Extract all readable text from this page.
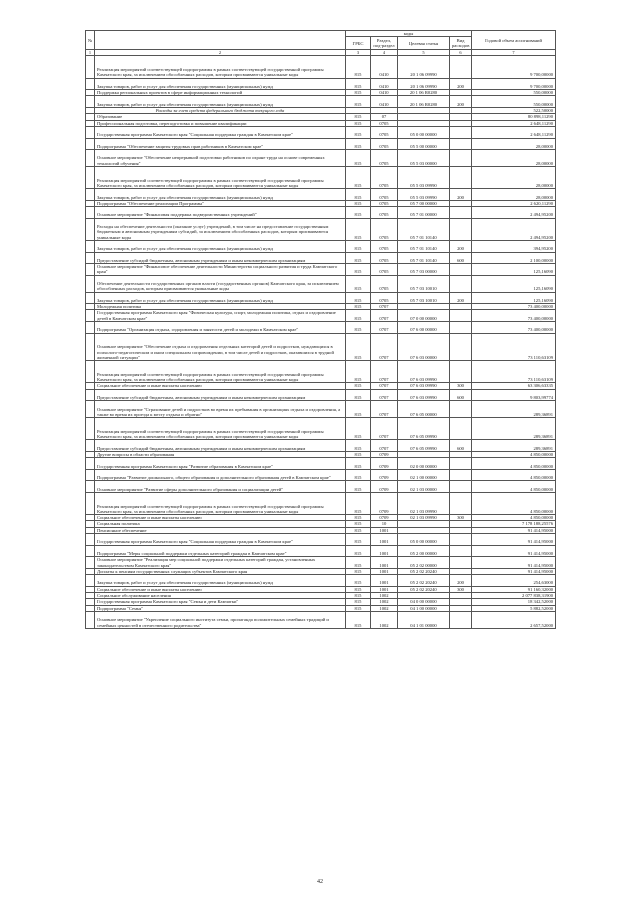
№		коды				Годовой объем ассигнований
		ГРБС	Раздел, под-раздел	Целевая статья	Вид расходов	
1	2	3	4	5	6	7
	Реализация мероприятий соответствующей подпрограммы в рамках соответствующей государственной программы Камчатского края, за исключением обособленных расходов, которым присваиваются уникальные коды	815	0410	20 1 06 09990		9 700,00000
	Закупка товаров, работ и услуг для обеспечения государственных (муниципальных) нужд	815	0410	20 1 06 09990	200	9 700,00000
	Поддержка региональных проектов в сфере информационных технологий	815	0410	20 1 06 R0280		550,00000
	Закупка товаров, работ и услуг для обеспечения государственных (муниципальных) нужд	815	0410	20 1 06 R0280	200	550,00000
	Расходы за счет средств федерального бюджета текущего года					522,50000
	Образование	815	07			80 898,11290
	Профессиональная подготовка, переподготовка и повышение квалификации	815	0705			2 648,11290
	Государственная программа Камчатского края "Социальная поддержка граждан в Камчатском крае"	815	0705	05 0 00 00000		2 648,11290
	Подпрограмма "Обеспечение защиты трудовых прав работников в Камчатском крае"	815	0705	05 5 00 00000		28,00000
	Основное мероприятие "Обеспечение непрерывной подготовки работников по охране труда на основе современных технологий обучения"	815	0705	05 5 03 00000		28,00000
	Реализация мероприятий соответствующей подпрограммы в рамках соответствующей государственной программы Камчатского края, за исключением обособленных расходов, которым присваиваются уникальные коды	815	0705	05 5 03 09990		28,00000
	Закупка товаров, работ и услуг для обеспечения государственных (муниципальных) нужд	815	0705	05 5 03 09990	200	28,00000
	Подпрограмма "Обеспечение реализации Программы"	815	0705	05 7 00 00000		2 620,11290
	Основное мероприятие "Финансовая поддержка подведомственных учреждений"	815	0705	05 7 01 00000		2 494,95200
	Расходы на обеспечение деятельности (оказание услуг) учреждений, в том числе на предоставление государственным бюджетным и автономным учреждениям субсидий, за исключением обособленных расходов, которым присваиваются уникальные коды	815	0705	05 7 01 10140		2 494,95200
	Закупка товаров, работ и услуг для обеспечения государственных (муниципальных) нужд	815	0705	05 7 01 10140	200	394,95200
	Предоставление субсидий бюджетным, автономным учреждениям и иным некоммерческим организациям	815	0705	05 7 01 10140	600	2 100,00000
	Основное мероприятие "Финансовое обеспечение деятельности Министерства социального развития и труда Камчатского края"	815	0705	05 7 03 00000		125,16090
	Обеспечение деятельности государственных органов власти (государственных органов) Камчатского края, за исключением обособленных расходов, которым присваиваются уникальные коды	815	0705	05 7 03 10010		125,16090
	Закупка товаров, работ и услуг для обеспечения государственных (муниципальных) нужд	815	0705	05 7 03 10010	200	125,16090
	Молодежная политика	815	0707			73 400,00000
	Государственная программа Камчатского края "Физическая культура, спорт, молодежная политика, отдых и оздоровление детей в Камчатском крае"	815	0707	07 0 00 00000		73 400,00000
	Подпрограмма "Организация отдыха, оздоровления и занятости детей и молодежи в Камчатском крае"	815	0707	07 6 00 00000		73 400,00000
	Основное мероприятие "Обеспечение отдыха и оздоровления отдельных категорий детей и подростков, нуждающихся в психолого-педагогическом и ином специальном сопровождении, в том числе детей и подростков, оказавшихся в трудной жизненной ситуации"	815	0707	07 6 03 00000		73 110,63109
	Реализация мероприятий соответствующей подпрограммы в рамках соответствующей государственной программы Камчатского края, за исключением обособленных расходов, которым присваиваются уникальные коды	815	0707	07 6 03 09990		73 110,63109
	Социальное обеспечение и иные выплаты населению	815	0707	07 6 03 09990	300	63 306,63335
	Предоставление субсидий бюджетным, автономным учреждениям и иным некоммерческим организациям	815	0707	07 6 03 09990	600	9 803,99774
	Основное мероприятие "Страхование детей и подростков во время их пребывания в организациях отдыха и оздоровления, а также во время их проезда к месту отдыха и обратно"	815	0707	07 6 05 00000		289,36891
	Реализация мероприятий соответствующей подпрограммы в рамках соответствующей государственной программы Камчатского края, за исключением обособленных расходов, которым присваиваются уникальные коды	815	0707	07 6 05 09990		289,36891
	Предоставление субсидий бюджетным, автономным учреждениям и иным некоммерческим организациям	815	0707	07 6 05 09990	600	289,36891
	Другие вопросы в области образования	815	0709			4 850,00000
	Государственная программа Камчатского края "Развитие образования в Камчатском крае"	815	0709	02 0 00 00000		4 850,00000
	Подпрограмма "Развитие дошкольного, общего образования и дополнительного образования детей в Камчатском крае"	815	0709	02 1 00 00000		4 850,00000
	Основное мероприятие "Развитие сферы дополнительного образования и социализации детей"	815	0709	02 1 03 00000		4 850,00000
	Реализация мероприятий соответствующей подпрограммы в рамках соответствующей государственной программы Камчатского края, за исключением обособленных расходов, которым присваиваются уникальные коды	815	0709	02 1 03 09990		4 850,00000
	Социальное обеспечение и иные выплаты населению	815	0709	02 1 03 09990	300	4 850,00000
	Социальная политика	815	10			7 178 188,25576
	Пенсионное обеспечение	815	1001			91 414,95000
	Государственная программа Камчатского края "Социальная поддержка граждан в Камчатском крае"	815	1001	05 0 00 00000		91 414,95000
	Подпрограмма "Меры социальной поддержки отдельных категорий граждан в Камчатском крае"	815	1001	05 2 00 00000		91 414,95000
	Основное мероприятие "Реализация мер социальной поддержки отдельных категорий граждан, установленных законодательством Камчатского края"	815	1001	05 2 02 00000		91 414,95000
	Доплаты к пенсиям государственных служащих субъектов Камчатского края	815	1001	05 2 02 20240		91 414,95000
	Закупка товаров, работ и услуг для обеспечения государственных (муниципальных) нужд	815	1001	05 2 02 20240	200	254,63000
	Социальное обеспечение и иные выплаты населению	815	1001	05 2 02 20240	300	91 160,32000
	Социальное обслуживание населения	815	1002			2 077 838,31900
	Государственная программа Камчатского края "Семья и дети Камчатки"	815	1002	04 0 00 00000		18 342,52000
	Подпрограмма "Семья"	815	1002	04 1 00 00000		5 882,52000
	Основное мероприятие "Укрепление социального института семьи, пропаганда положительных семейных традиций и семейных ценностей в отечественного родительства"	815	1002	04 1 01 00000		2 657,52000
42
